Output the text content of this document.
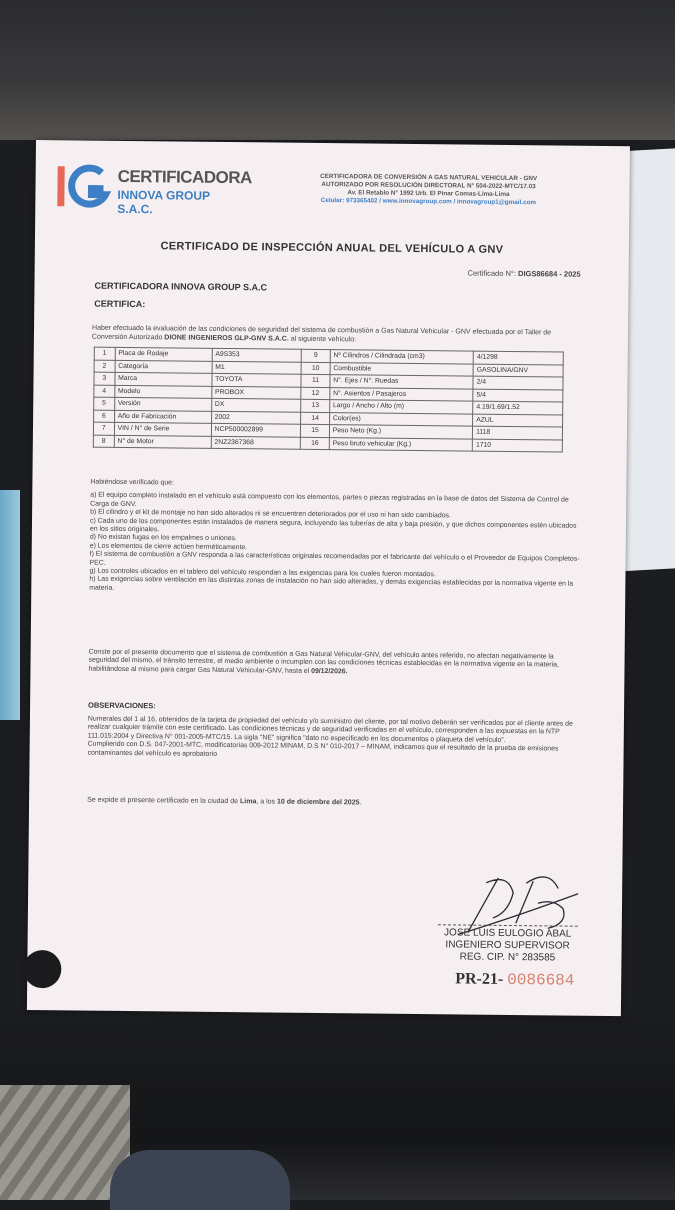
CERTIFICADORA
INNOVA GROUP S.A.C.
CERTIFICADORA DE CONVERSIÓN A GAS NATURAL VEHICULAR - GNV
AUTORIZADO POR RESOLUCIÓN DIRECTORAL N° 504-2022-MTC/17.03
Av. El Retablo N° 1992 Urb. El Pinar Comas-Lima-Lima
Celular: 973365402 / www.innovagroup.com / innovagroup1@gmail.com
CERTIFICADO DE INSPECCIÓN ANUAL DEL VEHÍCULO A GNV
Certificado N°: DIGS86684 - 2025
CERTIFICADORA INNOVA GROUP S.A.C
CERTIFICA:
Haber efectuado la evaluación de las condiciones de seguridad del sistema de combustión a Gas Natural Vehicular - GNV efectuada por el Taller de Conversión Autorizado DIONE INGENIEROS GLP-GNV S.A.C. al siguiente vehículo:
1	Placa de Rodaje	A9S353	9	Nº Cilindros / Cilindrada (cm3)	4/1298
2	Categoría	M1	10	Combustible	GASOLINA/GNV
3	Marca	TOYOTA	11	N°. Ejes / N°. Ruedas	2/4
4	Modelo	PROBOX	12	N°. Asientos / Pasajeros	5/4
5	Versión	DX	13	Largo / Ancho / Alto (m)	4.19/1.69/1.52
6	Año de Fabricación	2002	14	Color(es)	AZUL
7	VIN / N° de Serie	NCP500002899	15	Peso Neto (Kg.)	1118
8	N° de Motor	2NZ2367368	16	Peso bruto vehicular (Kg.)	1710

Habiéndose verificado que:

a) El equipo completo instalado en el vehículo está compuesto con los elementos, partes o piezas registradas en la base de datos del Sistema de Control de Carga de GNV.

b) El cilindro y el kit de montaje no han sido alterados ni se encuentren deteriorados por el uso ni han sido cambiados.

c) Cada uno de los componentes están instalados de manera segura, incluyendo las tuberías de alta y baja presión, y que dichos componentes estén ubicados en los sitios originales.

d) No existan fugas en los empalmes o uniones.

e) Los elementos de cierre actúen herméticamente.

f) El sistema de combustión a GNV responda a las características originales recomendadas por el fabricante del vehículo o el Proveedor de Equipos Completos-PEC.

g) Los controles ubicados en el tablero del vehículo respondan a las exigencias para los cuales fueron montados.

h) Las exigencias sobre ventilación en las distintas zonas de instalación no han sido alteradas, y demás exigencias establecidas por la normativa vigente en la materia.

Conste por el presente documento que el sistema de combustión a Gas Natural Vehicular-GNV, del vehículo antes referido, no afectan negativamente la seguridad del mismo, el tránsito terrestre, el medio ambiente o incumplen con las condiciones técnicas establecidas en la normativa vigente en la materia, habilitándose al mismo para cargar Gas Natural Vehicular-GNV, hasta el 09/12/2026.
OBSERVACIONES:

Numerales del 1 al 16, obtenidos de la tarjeta de propiedad del vehículo y/o suministro del cliente, por tal motivo deberán ser verificados por el cliente antes de realizar cualquier trámite con este certificado. Las condiciones técnicas y de seguridad verificadas en el vehículo, corresponden a las expuestas en la NTP 111.015:2004 y Directiva N° 001-2005-MTC/15. La sigla "NE" significa "dato no especificado en los documentos o plaqueta del vehículo".

Cumpliendo con D.S. 047-2001-MTC, modificatorias 009-2012 MINAM, D.S N° 010-2017 – MINAM, indicamos que el resultado de la prueba de emisiones contaminantes del vehículo es aprobatorio

Se expide el presente certificado en la ciudad de Lima, a los 10 de diciembre del 2025.
JOSE LUIS EULOGIO ABAL
INGENIERO SUPERVISOR
REG. CIP. N° 283585
PR-21- 0086684
